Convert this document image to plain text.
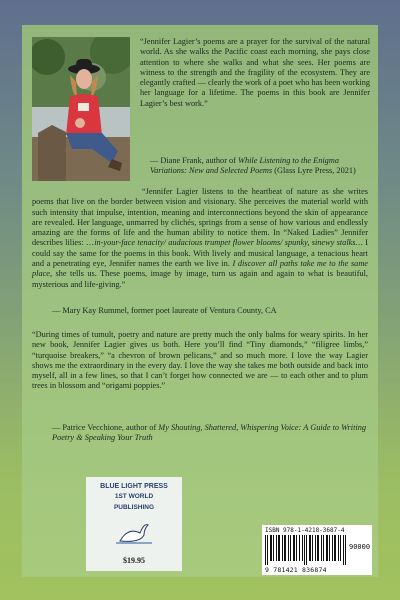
“Jennifer Lagier’s poems are a prayer for the survival of the natural world. As she walks the Pacific coast each morning, she pays close attention to where she walks and what she sees. Her poems are witness to the strength and the fragility of the ecosystem. They are elegantly crafted — clearly the work of a poet who has been working her language for a lifetime. The poems in this book are Jennifer Lagier’s best work.”
— Diane Frank, author of While Listening to the Enigma Variations: New and Selected Poems (Glass Lyre Press, 2021)
“Jennifer Lagier listens to the heartbeat of nature as she writes poems that live on the border between vision and visionary. She perceives the material world with such intensity that impulse, intention, meaning and interconnections beyond the skin of appearance are revealed. Her language, unmarred by clichés, springs from a sense of how various and endlessly amazing are the forms of life and the human ability to notice them. In “Naked Ladies” Jennifer describes lilies: …in-your-face tenacity/ audacious trumpet flower blooms/ spunky, sinewy stalks… I could say the same for the poems in this book. With lively and musical language, a tenacious heart and a penetrating eye, Jennifer names the earth we live in. I discover all paths take me to the same place, she tells us. These poems, image by image, turn us again and again to what is beautiful, mysterious and life-giving.”
— Mary Kay Rummel, former poet laureate of Ventura County, CA
“During times of tumult, poetry and nature are pretty much the only balms for weary spirits. In her new book, Jennifer Lagier gives us both. Here you’ll find “Tiny diamonds,” “filigree limbs,” “turquoise breakers,” “a chevron of brown pelicans,” and so much more. I love the way Lagier shows me the extraordinary in the every day. I love the way she takes me both outside and back into myself, all in a few lines, so that I can’t forget how connected we are — to each other and to plum trees in blossom and “origami poppies.”
— Patrice Vecchione, author of My Shouting, Shattered, Whispering Voice: A Guide to Writing Poetry & Speaking Your Truth
BLUE LIGHT PRESS
1ST WORLD
PUBLISHING
$19.95
ISBN 978-1-4218-3687-4
90000
9 781421 836874
